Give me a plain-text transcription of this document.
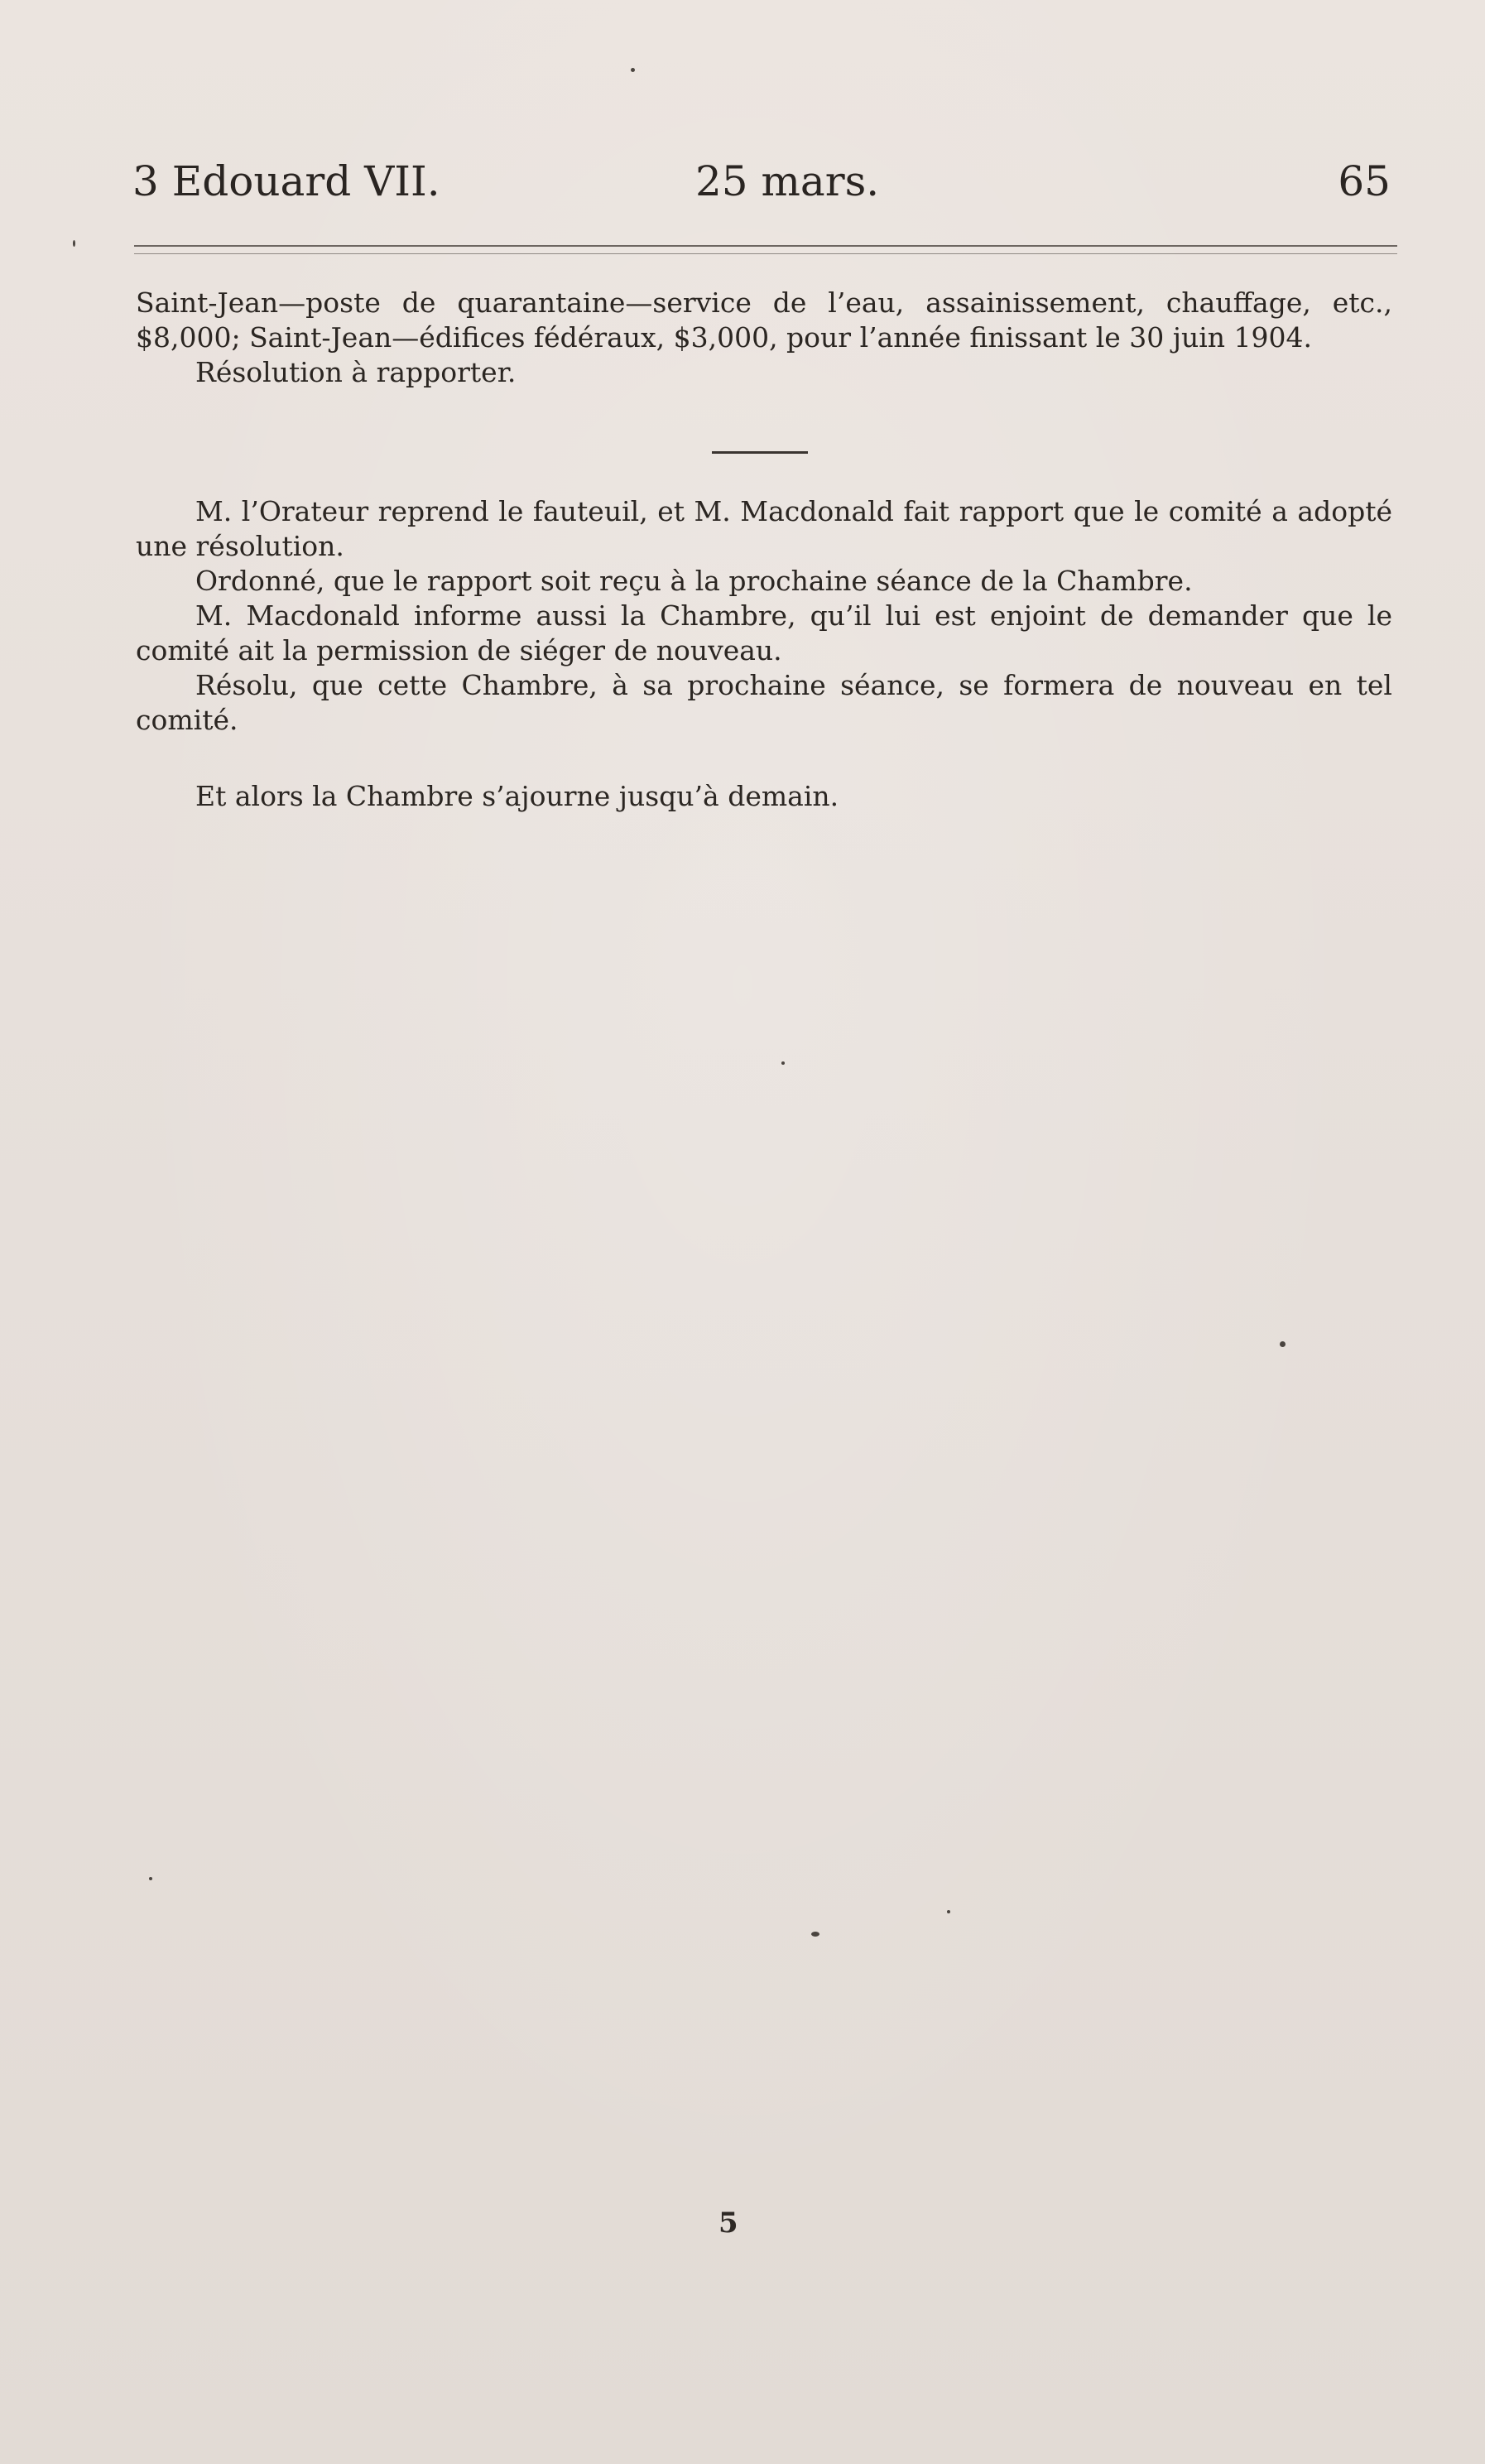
3 Edouard VII.	25 mars.	65

Saint-Jean—poste de quarantaine—service de l’eau, assainissement, chauffage, etc., $8,000; Saint-Jean—édifices fédéraux, $3,000, pour l’année finissant le 30 juin 1904.

Résolution à rapporter.

M. l’Orateur reprend le fauteuil, et M. Macdonald fait rapport que le comité a adopté une résolution.

Ordonné, que le rapport soit reçu à la prochaine séance de la Chambre.

M. Macdonald informe aussi la Chambre, qu’il lui est enjoint de demander que le comité ait la permission de siéger de nouveau.

Résolu, que cette Chambre, à sa prochaine séance, se formera de nouveau en tel comité.

Et alors la Chambre s’ajourne jusqu’à demain.

5
